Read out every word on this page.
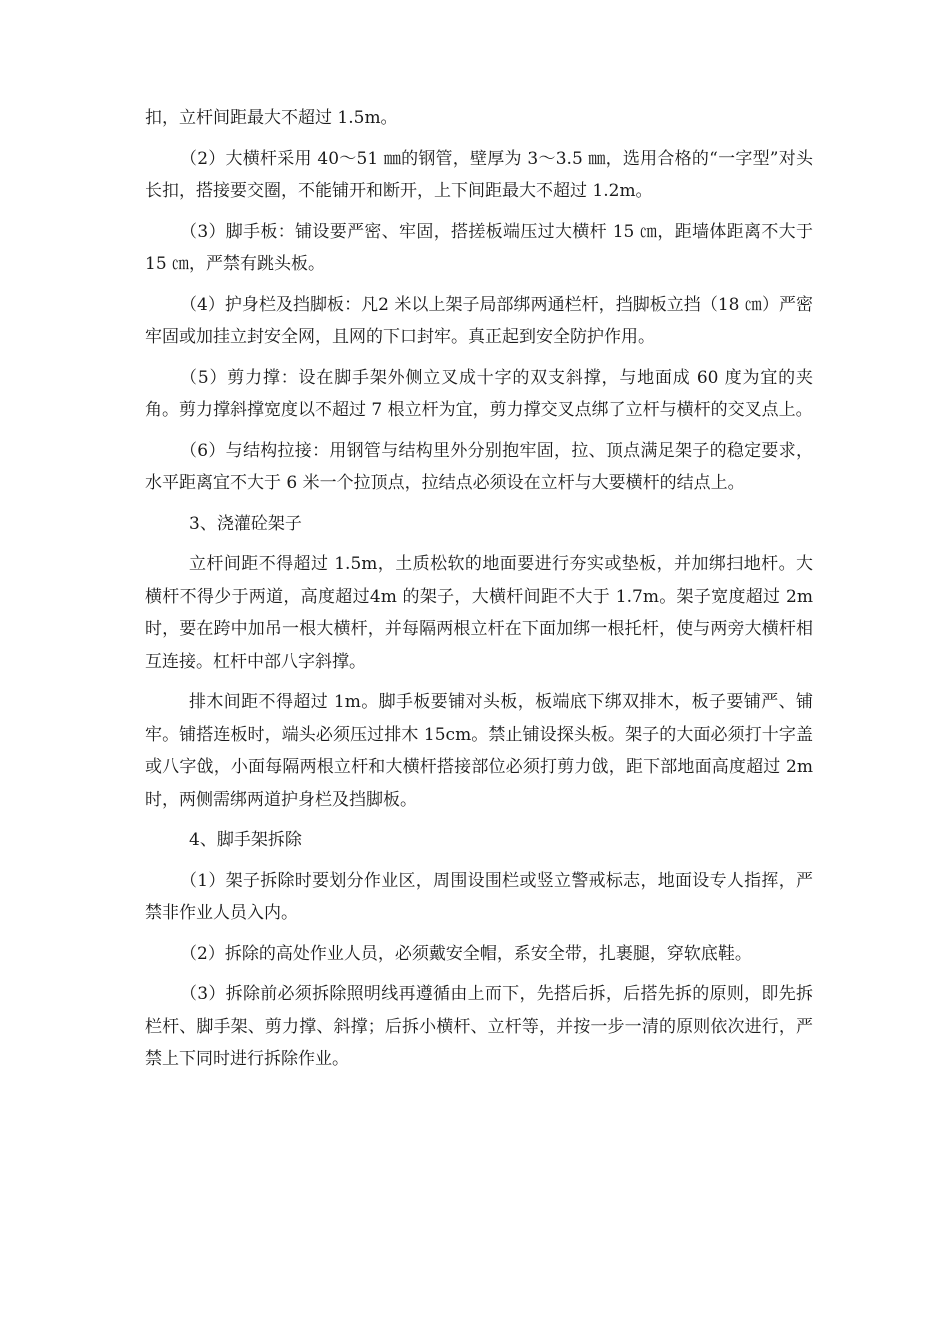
扣，立杆间距最大不超过 1.5m。

（2）大横杆采用 40～51 ㎜的钢管，壁厚为 3～3.5 ㎜，选用合格的“一字型”对头长扣，搭接要交圈，不能铺开和断开，上下间距最大不超过 1.2m。

（3）脚手板：铺设要严密、牢固，搭搓板端压过大横杆 15 ㎝，距墙体距离不大于 15 ㎝，严禁有跳头板。

（4）护身栏及挡脚板：凡2 米以上架子局部绑两通栏杆，挡脚板立挡（18 ㎝）严密牢固或加挂立封安全网，且网的下口封牢。真正起到安全防护作用。

（5）剪力撑：设在脚手架外侧立叉成十字的双支斜撑，与地面成 60 度为宜的夹角。剪力撑斜撑宽度以不超过 7 根立杆为宜，剪力撑交叉点绑了立杆与横杆的交叉点上。

（6）与结构拉接：用钢管与结构里外分别抱牢固，拉、顶点满足架子的稳定要求，水平距离宜不大于 6 米一个拉顶点，拉结点必须设在立杆与大要横杆的结点上。

3、浇灌砼架子

立杆间距不得超过 1.5m，土质松软的地面要进行夯实或垫板，并加绑扫地杆。大横杆不得少于两道，高度超过4m 的架子，大横杆间距不大于 1.7m。架子宽度超过 2m 时，要在跨中加吊一根大横杆，并每隔两根立杆在下面加绑一根托杆，使与两旁大横杆相互连接。杠杆中部八字斜撑。

排木间距不得超过 1m。脚手板要铺对头板，板端底下绑双排木，板子要铺严、铺牢。铺搭连板时，端头必须压过排木 15cm。禁止铺设探头板。架子的大面必须打十字盖或八字戗，小面每隔两根立杆和大横杆搭接部位必须打剪力戗，距下部地面高度超过 2m 时，两侧需绑两道护身栏及挡脚板。

4、脚手架拆除

（1）架子拆除时要划分作业区，周围设围栏或竖立警戒标志，地面设专人指挥，严禁非作业人员入内。

（2）拆除的高处作业人员，必须戴安全帽，系安全带，扎裹腿，穿软底鞋。

（3）拆除前必须拆除照明线再遵循由上而下，先搭后拆，后搭先拆的原则，即先拆栏杆、脚手架、剪力撑、斜撑；后拆小横杆、立杆等，并按一步一清的原则依次进行，严禁上下同时进行拆除作业。
